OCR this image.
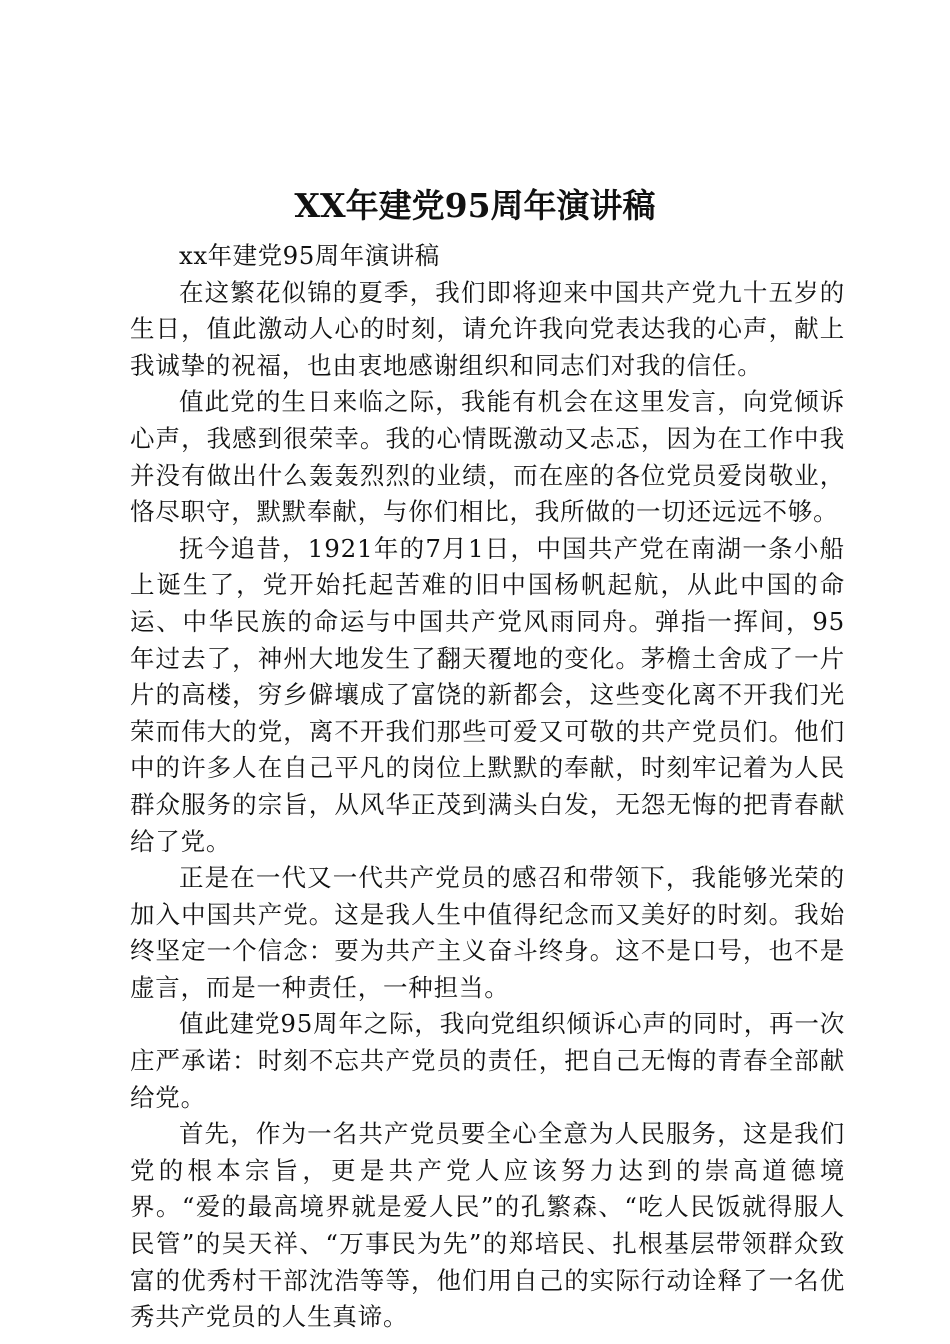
XX年建党95周年演讲稿

xx年建党95周年演讲稿

在这繁花似锦的夏季，我们即将迎来中国共产党九十五岁的生日，值此激动人心的时刻，请允许我向党表达我的心声，献上我诚挚的祝福，也由衷地感谢组织和同志们对我的信任。

值此党的生日来临之际，我能有机会在这里发言，向党倾诉心声，我感到很荣幸。我的心情既激动又忐忑，因为在工作中我并没有做出什么轰轰烈烈的业绩，而在座的各位党员爱岗敬业，恪尽职守，默默奉献，与你们相比，我所做的一切还远远不够。

抚今追昔，1921年的7月1日，中国共产党在南湖一条小船上诞生了，党开始托起苦难的旧中国杨帆起航，从此中国的命运、中华民族的命运与中国共产党风雨同舟。弹指一挥间，95年过去了，神州大地发生了翻天覆地的变化。茅檐土舍成了一片片的高楼，穷乡僻壤成了富饶的新都会，这些变化离不开我们光荣而伟大的党，离不开我们那些可爱又可敬的共产党员们。他们中的许多人在自己平凡的岗位上默默的奉献，时刻牢记着为人民群众服务的宗旨，从风华正茂到满头白发，无怨无悔的把青春献给了党。

正是在一代又一代共产党员的感召和带领下，我能够光荣的加入中国共产党。这是我人生中值得纪念而又美好的时刻。我始终坚定一个信念：要为共产主义奋斗终身。这不是口号，也不是虚言，而是一种责任，一种担当。

值此建党95周年之际，我向党组织倾诉心声的同时，再一次庄严承诺：时刻不忘共产党员的责任，把自己无悔的青春全部献给党。

首先，作为一名共产党员要全心全意为人民服务，这是我们党的根本宗旨，更是共产党人应该努力达到的崇高道德境界。“爱的最高境界就是爱人民”的孔繁森、“吃人民饭就得服人民管”的吴天祥、“万事民为先”的郑培民、扎根基层带领群众致富的优秀村干部沈浩等等，他们用自己的实际行动诠释了一名优秀共产党员的人生真谛。
